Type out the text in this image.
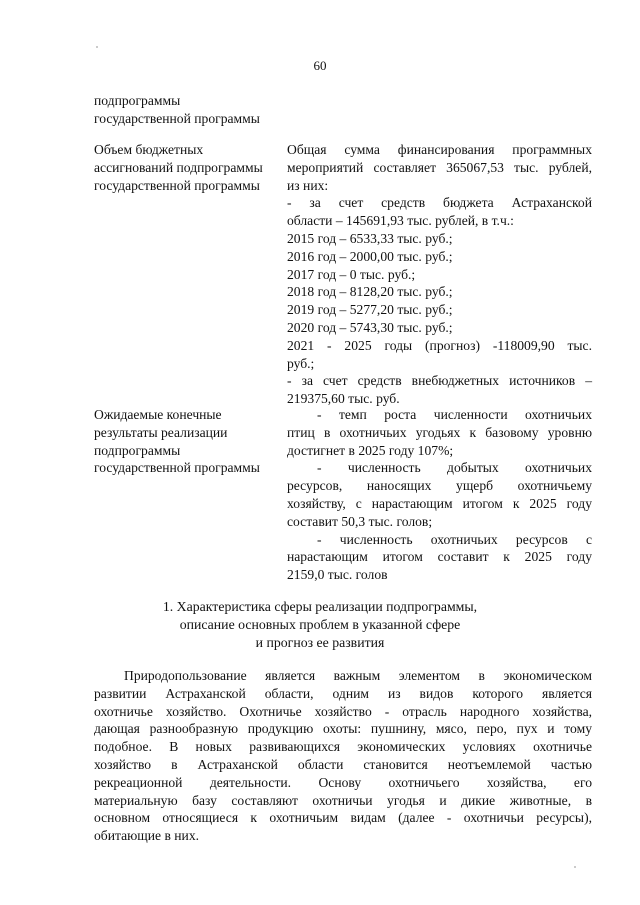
60
подпрограммы
государственной программы
Объем бюджетных
ассигнований подпрограммы
государственной программы
Общая сумма финансирования программных
мероприятий составляет 365067,53 тыс. рублей,
из них:
- за счет средств бюджета Астраханской
области – 145691,93 тыс. рублей, в т.ч.:
2015 год – 6533,33 тыс. руб.;
2016 год – 2000,00 тыс. руб.;
2017 год – 0 тыс. руб.;
2018 год – 8128,20 тыс. руб.;
2019 год – 5277,20 тыс. руб.;
2020 год – 5743,30 тыс. руб.;
2021 - 2025 годы (прогноз) -118009,90 тыс.
руб.;
- за счет средств внебюджетных источников –
219375,60 тыс. руб.
Ожидаемые конечные
результаты реализации
подпрограммы
государственной программы
- темп роста численности охотничьих
птиц в охотничьих угодьях к базовому уровню
достигнет в 2025 году 107%;
- численность добытых охотничьих
ресурсов, наносящих ущерб охотничьему
хозяйству, с нарастающим итогом к 2025 году
составит 50,3 тыс. голов;
- численность охотничьих ресурсов с
нарастающим итогом составит к 2025 году
2159,0 тыс. голов
1. Характеристика сферы реализации подпрограммы,
описание основных проблем в указанной сфере
и прогноз ее развития
Природопользование является важным элементом в экономическом
развитии Астраханской области, одним из видов которого является
охотничье хозяйство. Охотничье хозяйство - отрасль народного хозяйства,
дающая разнообразную продукцию охоты: пушнину, мясо, перо, пух и тому
подобное. В новых развивающихся экономических условиях охотничье
хозяйство в Астраханской области становится неотъемлемой частью
рекреационной деятельности. Основу охотничьего хозяйства, его
материальную базу составляют охотничьи угодья и дикие животные, в
основном относящиеся к охотничьим видам (далее - охотничьи ресурсы),
обитающие в них.
